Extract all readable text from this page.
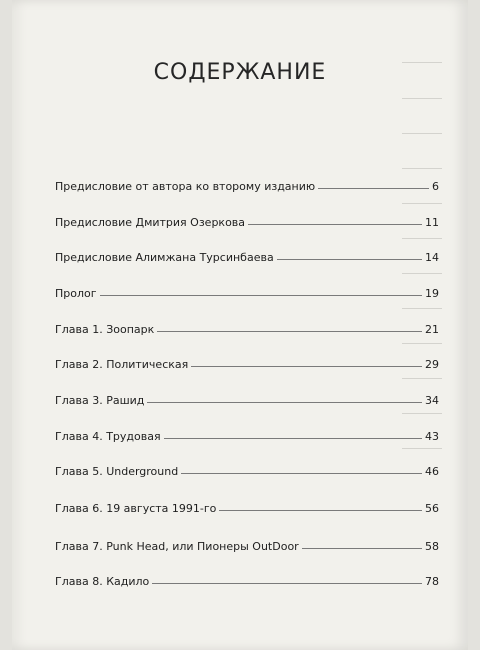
СОДЕРЖАНИЕ
Предисловие от автора ко второму изданию	6
Предисловие Дмитрия Озеркова	11
Предисловие Алимжана Турсинбаева	14
Пролог	19
Глава 1. Зоопарк	21
Глава 2. Политическая	29
Глава 3. Рашид	34
Глава 4. Трудовая	43
Глава 5. Underground	46
Глава 6. 19 августа 1991-го	56
Глава 7. Punk Head, или Пионеры OutDoor	58
Глава 8. Кадило	78
